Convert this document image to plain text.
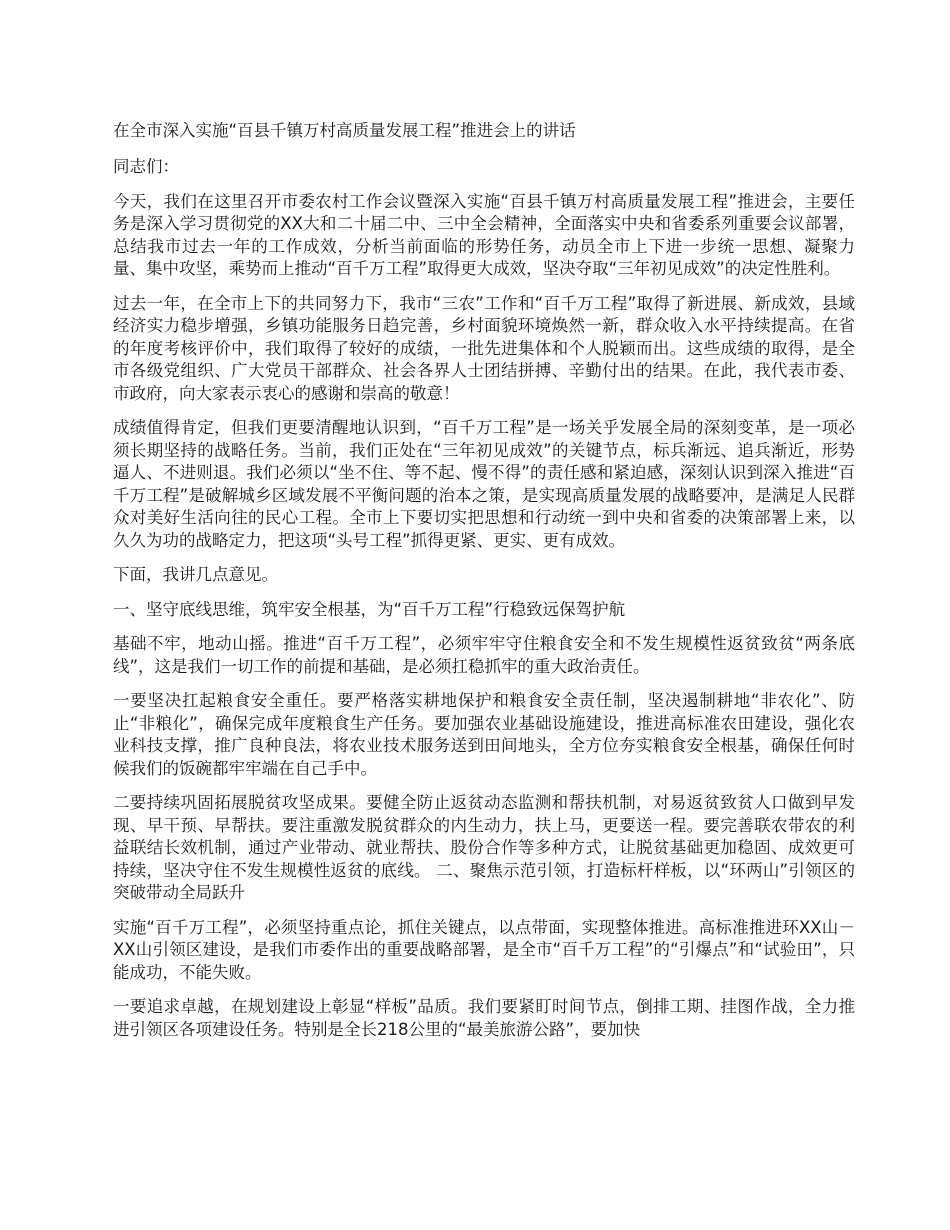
在全市深入实施“百县千镇万村高质量发展工程”推进会上的讲话

同志们：

今天，我们在这里召开市委农村工作会议暨深入实施“百县千镇万村高质量发展工程”推进会，主要任务是深入学习贯彻党的XX大和二十届二中、三中全会精神，全面落实中央和省委系列重要会议部署，总结我市过去一年的工作成效，分析当前面临的形势任务，动员全市上下进一步统一思想、凝聚力量、集中攻坚，乘势而上推动“百千万工程”取得更大成效，坚决夺取“三年初见成效”的决定性胜利。

过去一年，在全市上下的共同努力下，我市“三农”工作和“百千万工程”取得了新进展、新成效，县域经济实力稳步增强，乡镇功能服务日趋完善，乡村面貌环境焕然一新，群众收入水平持续提高。在省的年度考核评价中，我们取得了较好的成绩，一批先进集体和个人脱颖而出。这些成绩的取得，是全市各级党组织、广大党员干部群众、社会各界人士团结拼搏、辛勤付出的结果。在此，我代表市委、市政府，向大家表示衷心的感谢和崇高的敬意！

成绩值得肯定，但我们更要清醒地认识到，“百千万工程”是一场关乎发展全局的深刻变革，是一项必须长期坚持的战略任务。当前，我们正处在“三年初见成效”的关键节点，标兵渐远、追兵渐近，形势逼人、不进则退。我们必须以“坐不住、等不起、慢不得”的责任感和紧迫感，深刻认识到深入推进“百千万工程”是破解城乡区域发展不平衡问题的治本之策，是实现高质量发展的战略要冲，是满足人民群众对美好生活向往的民心工程。全市上下要切实把思想和行动统一到中央和省委的决策部署上来，以久久为功的战略定力，把这项“头号工程”抓得更紧、更实、更有成效。

下面，我讲几点意见。

一、坚守底线思维，筑牢安全根基，为“百千万工程”行稳致远保驾护航

基础不牢，地动山摇。推进“百千万工程”，必须牢牢守住粮食安全和不发生规模性返贫致贫“两条底线”，这是我们一切工作的前提和基础，是必须扛稳抓牢的重大政治责任。

一要坚决扛起粮食安全重任。要严格落实耕地保护和粮食安全责任制，坚决遏制耕地“非农化”、防止“非粮化”，确保完成年度粮食生产任务。要加强农业基础设施建设，推进高标准农田建设，强化农业科技支撑，推广良种良法，将农业技术服务送到田间地头，全方位夯实粮食安全根基，确保任何时候我们的饭碗都牢牢端在自己手中。

二要持续巩固拓展脱贫攻坚成果。要健全防止返贫动态监测和帮扶机制，对易返贫致贫人口做到早发现、早干预、早帮扶。要注重激发脱贫群众的内生动力，扶上马，更要送一程。要完善联农带农的利益联结长效机制，通过产业带动、就业帮扶、股份合作等多种方式，让脱贫基础更加稳固、成效更可持续，坚决守住不发生规模性返贫的底线。 二、聚焦示范引领，打造标杆样板，以“环两山”引领区的突破带动全局跃升

实施“百千万工程”，必须坚持重点论，抓住关键点，以点带面，实现整体推进。高标准推进环XX山－XX山引领区建设，是我们市委作出的重要战略部署，是全市“百千万工程”的“引爆点”和“试验田”，只能成功，不能失败。

一要追求卓越，在规划建设上彰显“样板”品质。我们要紧盯时间节点，倒排工期、挂图作战，全力推进引领区各项建设任务。特别是全长218公里的“最美旅游公路”，要加快
